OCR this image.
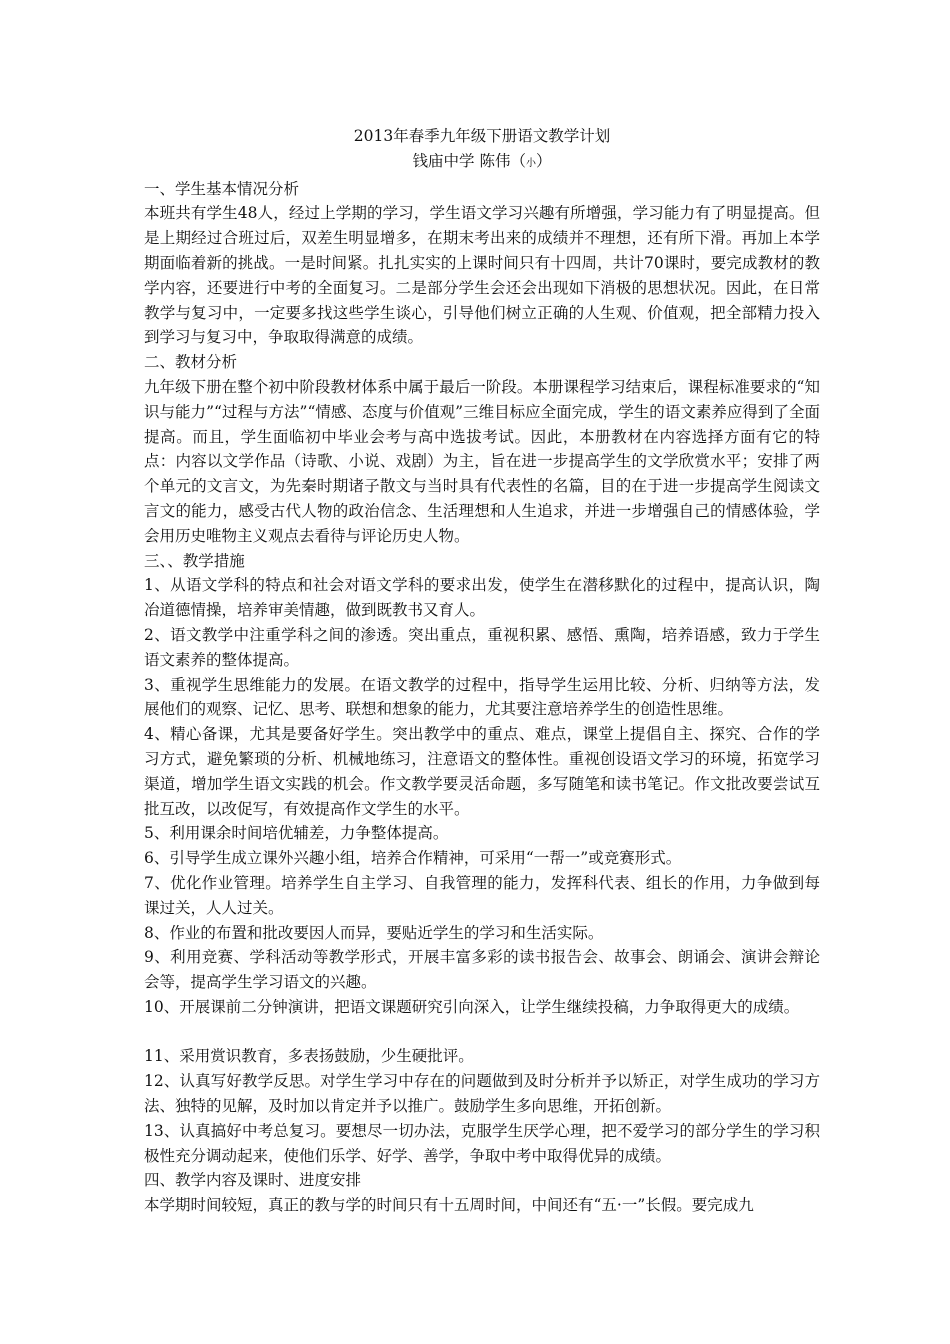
2013年春季九年级下册语文教学计划

钱庙中学 陈伟（小）

一、学生基本情况分析

本班共有学生48人，经过上学期的学习，学生语文学习兴趣有所增强，学习能力有了明显提高。但是上期经过合班过后，双差生明显增多，在期末考出来的成绩并不理想，还有所下滑。再加上本学期面临着新的挑战。一是时间紧。扎扎实实的上课时间只有十四周，共计70课时，要完成教材的教学内容，还要进行中考的全面复习。二是部分学生会还会出现如下消极的思想状况。因此，在日常教学与复习中，一定要多找这些学生谈心，引导他们树立正确的人生观、价值观，把全部精力投入到学习与复习中，争取取得满意的成绩。

二、教材分析

九年级下册在整个初中阶段教材体系中属于最后一阶段。本册课程学习结束后，课程标准要求的“知识与能力”“过程与方法”“情感、态度与价值观”三维目标应全面完成，学生的语文素养应得到了全面提高。而且，学生面临初中毕业会考与高中选拔考试。因此，本册教材在内容选择方面有它的特点：内容以文学作品（诗歌、小说、戏剧）为主，旨在进一步提高学生的文学欣赏水平；安排了两个单元的文言文，为先秦时期诸子散文与当时具有代表性的名篇，目的在于进一步提高学生阅读文言文的能力，感受古代人物的政治信念、生活理想和人生追求，并进一步增强自己的情感体验，学会用历史唯物主义观点去看待与评论历史人物。

三、、教学措施

1、从语文学科的特点和社会对语文学科的要求出发，使学生在潜移默化的过程中，提高认识，陶冶道德情操，培养审美情趣，做到既教书又育人。

2、语文教学中注重学科之间的渗透。突出重点，重视积累、感悟、熏陶，培养语感，致力于学生语文素养的整体提高。

3、重视学生思维能力的发展。在语文教学的过程中，指导学生运用比较、分析、归纳等方法，发展他们的观察、记忆、思考、联想和想象的能力，尤其要注意培养学生的创造性思维。

4、精心备课，尤其是要备好学生。突出教学中的重点、难点，课堂上提倡自主、探究、合作的学习方式，避免繁琐的分析、机械地练习，注意语文的整体性。重视创设语文学习的环境，拓宽学习渠道，增加学生语文实践的机会。作文教学要灵活命题，多写随笔和读书笔记。作文批改要尝试互批互改，以改促写，有效提高作文学生的水平。

5、利用课余时间培优辅差，力争整体提高。

6、引导学生成立课外兴趣小组，培养合作精神，可采用“一帮一”或竞赛形式。

7、优化作业管理。培养学生自主学习、自我管理的能力，发挥科代表、组长的作用，力争做到每课过关，人人过关。

8、作业的布置和批改要因人而异，要贴近学生的学习和生活实际。

9、利用竞赛、学科活动等教学形式，开展丰富多彩的读书报告会、故事会、朗诵会、演讲会辩论会等，提高学生学习语文的兴趣。

10、开展课前二分钟演讲，把语文课题研究引向深入，让学生继续投稿，力争取得更大的成绩。

11、采用赏识教育，多表扬鼓励，少生硬批评。

12、认真写好教学反思。对学生学习中存在的问题做到及时分析并予以矫正，对学生成功的学习方法、独特的见解，及时加以肯定并予以推广。鼓励学生多向思维，开拓创新。

13、认真搞好中考总复习。要想尽一切办法，克服学生厌学心理，把不爱学习的部分学生的学习积极性充分调动起来，使他们乐学、好学、善学，争取中考中取得优异的成绩。

四、教学内容及课时、进度安排

本学期时间较短，真正的教与学的时间只有十五周时间，中间还有“五·一”长假。要完成九
